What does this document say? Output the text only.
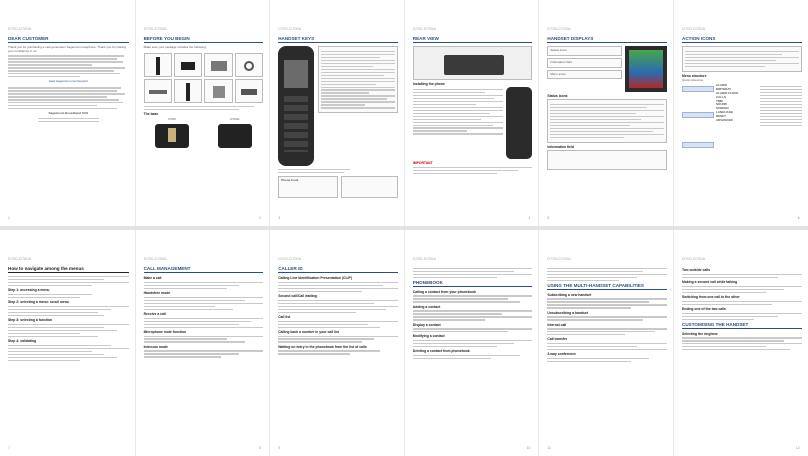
D700-D700A
DEAR CUSTOMER
Thank you for purchasing a new generation Sagemcom telephone. Thank you for placing your confidence in us.
www.sagemcom.com/support
Sagemcom Broadband SAS
1
D700-D700A
BEFORE YOU BEGIN
Make sure your package includes the following:
The base
D700	D700A
2
D700-D700A
HANDSET KEYS
Phone book
3
D700-D700A
REAR VIEW
Installing the phone
IMPORTANT
4
D700-D700A
HANDSET DISPLAYS
Status icons
Information field
Menu icons
Status icons
Information field
5
D700-D700A
ACTION ICONS
Menu structure
Quick reference
ALARM
BIRTHDAY
ALARM CLOCK
CALLS
TIME
SOUND
SCREEN
LANGUAGE
RESET
ADVANCED
6
D700-D700A
How to navigate among the menus
Step 1: accessing a menu
Step 2: selecting a menu: scroll menu
Step 3: selecting a function
Step 4: validating
7
D700-D700A
CALL MANAGEMENT
Make a call
Handsfree mode
Receive a call
Microphone mute function
Intercom mode
8
D700-D700A
CALLER ID
Calling Line Identification Presentation (CLIP)
Second call/Call waiting
Call list
Calling back a number in your call list
Waiting on entry in the phonebook from the list of calls
9
D700-D700A
PHONEBOOK
Calling a contact from your phonebook
Adding a contact
Display a contact
Modifying a contact
Deleting a contact from phonebook
10
D700-D700A
USING THE MULTI-HANDSET CAPABILITIES
Subscribing a new handset
Unsubscribing a handset
Internal call
Call transfer
3-way conference
11
D700-D700A
Two outside calls
Making a second call while talking
Switching from one call to the other
Ending one of the two calls
CUSTOMISING THE HANDSET
Selecting the ringtone
12
